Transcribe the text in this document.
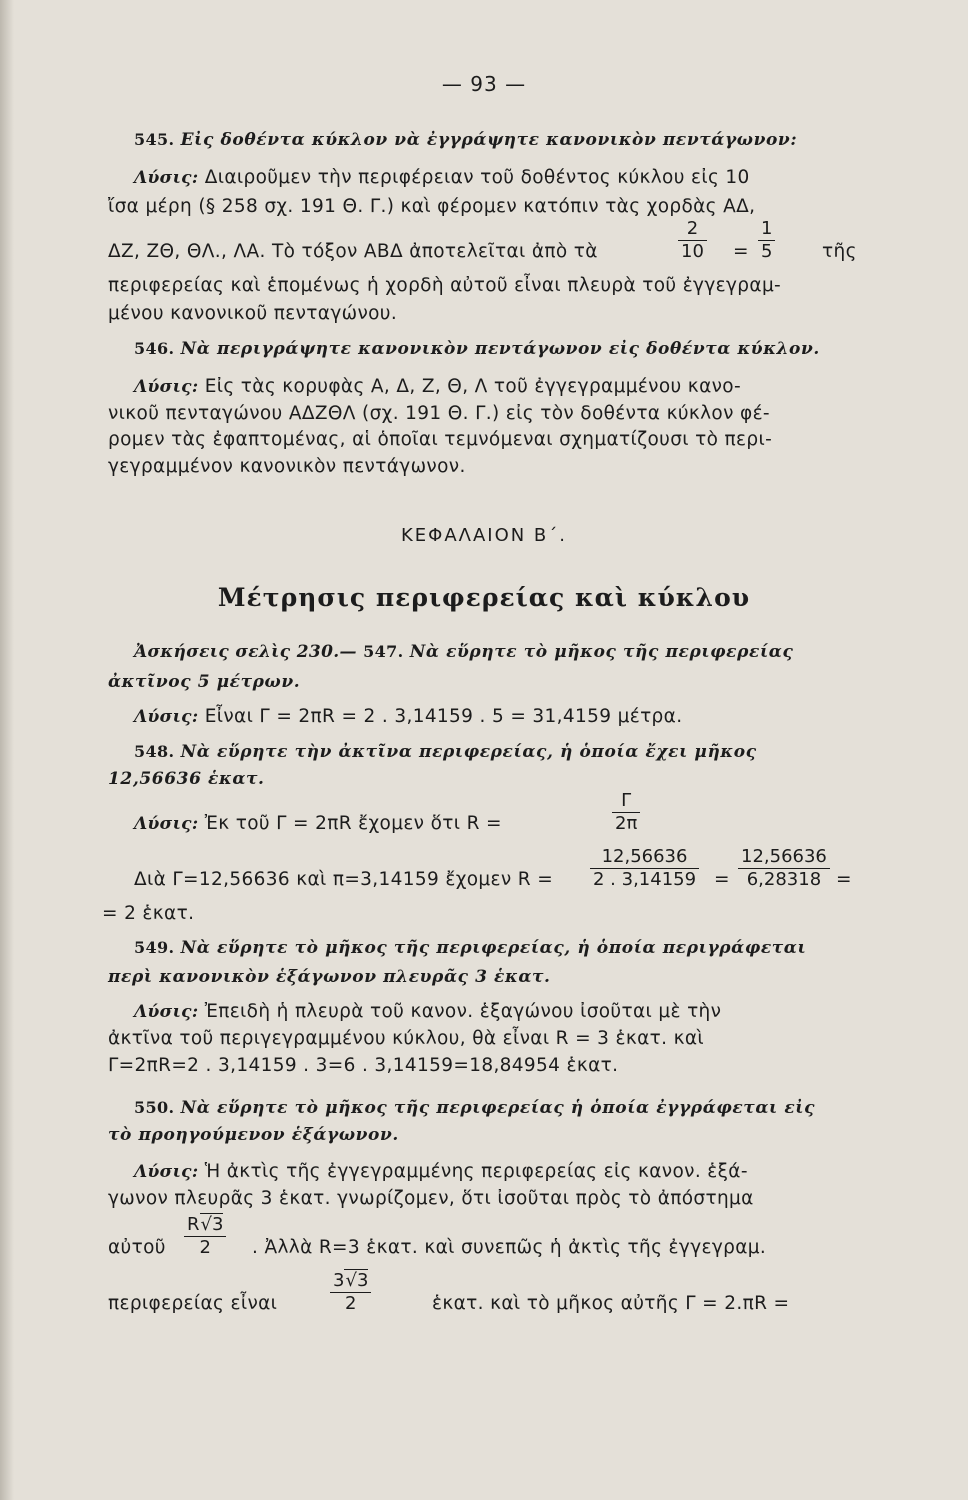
— 93 —
545. Εἰς δοθέντα κύκλον νὰ ἐγγράψητε κανονικὸν πεντάγωνον:
Λύσις: Διαιροῦμεν τὴν περιφέρειαν τοῦ δοθέντος κύκλου εἰς 10
ἴσα μέρη (§ 258 σχ. 191 Θ. Γ.) καὶ φέρομεν κατόπιν τὰς χορδὰς ΑΔ,
ΔΖ, ΖΘ, ΘΛ., ΛΑ. Τὸ τόξον ΑΒΔ ἀποτελεῖται ἀπὸ τὰ	$\frac{2}{10} = \frac{1}{5}$	τῆς
περιφερείας καὶ ἑπομένως ἡ χορδὴ αὐτοῦ εἶναι πλευρὰ τοῦ ἐγγεγραμ-
μένου κανονικοῦ πενταγώνου.
546. Νὰ περιγράψητε κανονικὸν πεντάγωνον εἰς δοθέντα κύκλον.
Λύσις: Εἰς τὰς κορυφὰς Α, Δ, Ζ, Θ, Λ τοῦ ἐγγεγραμμένου κανο-
νικοῦ πενταγώνου ΑΔΖΘΛ (σχ. 191 Θ. Γ.) εἰς τὸν δοθέντα κύκλον φέ-
ρομεν τὰς ἐφαπτομένας, αἱ ὁποῖαι τεμνόμεναι σχηματίζουσι τὸ περι-
γεγραμμένον κανονικὸν πεντάγωνον.
ΚΕΦΑΛΑΙΟΝ Β΄.
Μέτρησις περιφερείας καὶ κύκλου
Ἀσκήσεις σελὶς 230.— 547. Νὰ εὕρητε τὸ μῆκος τῆς περιφερείας
ἀκτῖνος 5 μέτρων.
Λύσις: Εἶναι Γ = 2πR = 2 . 3,14159 . 5 = 31,4159 μέτρα.
548. Νὰ εὕρητε τὴν ἀκτῖνα περιφερείας, ἡ ὁποία ἔχει μῆκος
12,56636 ἑκατ.
Λύσις: Ἐκ τοῦ Γ = 2πR ἔχομεν ὅτι R =	$\frac{\Gamma}{2\pi}$
Διὰ Γ=12,56636 καὶ π=3,14159 ἔχομεν $R = \frac{12,56636}{2 . 3,14159} = \frac{12,56636}{6,28318}$ =
= 2 ἑκατ.
549. Νὰ εὕρητε τὸ μῆκος τῆς περιφερείας, ἡ ὁποία περιγράφεται
περὶ κανονικὸν ἑξάγωνον πλευρᾶς 3 ἑκατ.
Λύσις: Ἐπειδὴ ἡ πλευρὰ τοῦ κανον. ἑξαγώνου ἰσοῦται μὲ τὴν
ἀκτῖνα τοῦ περιγεγραμμένου κύκλου, θὰ εἶναι R = 3 ἑκατ. καὶ
Γ=2πR=2 . 3,14159 . 3=6 . 3,14159=18,84954 ἑκατ.
550. Νὰ εὕρητε τὸ μῆκος τῆς περιφερείας ἡ ὁποία ἐγγράφεται εἰς
τὸ προηγούμενον ἑξάγωνον.
Λύσις: Ἡ ἀκτὶς τῆς ἐγγεγραμμένης περιφερείας εἰς κανον. ἑξά-
γωνον πλευρᾶς 3 ἑκατ. γνωρίζομεν, ὅτι ἰσοῦται πρὸς τὸ ἀπόστημα
αὐτοῦ $\frac{R√3}{2}$ . Ἀλλὰ R=3 ἑκατ. καὶ συνεπῶς ἡ ἀκτὶς τῆς ἐγγεγραμ.
περιφερείας εἶναι	$\frac{3√3}{2}$	ἑκατ. καὶ τὸ μῆκος αὐτῆς Γ = 2.πR =
